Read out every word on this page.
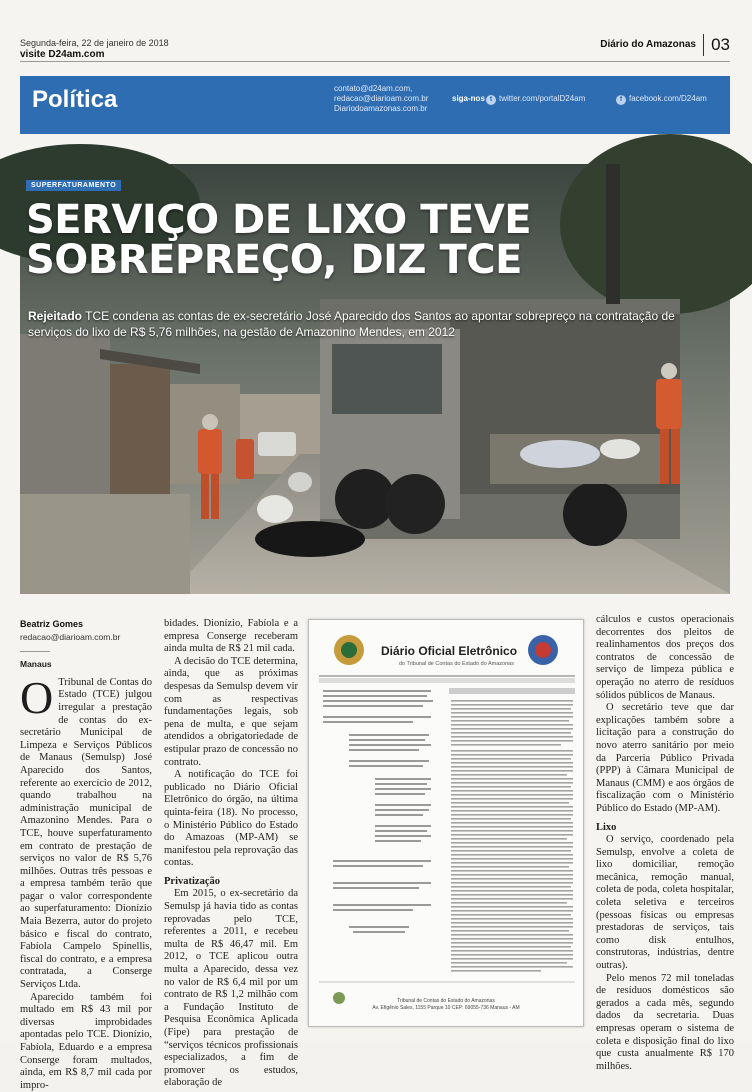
Segunda-feira, 22 de janeiro de 2018
visite D24am.com
Diário do Amazonas 03
Política	contato@d24am.com,
redacao@diarioam.com.br
Diariodoamazonas.com.br
siga-nos t twitter.com/portalD24am	f facebook.com/D24am
SUPERFATURAMENTO
SERVIÇO DE LIXO TEVE
SOBREPREÇO, DIZ TCE
Rejeitado TCE condena as contas de ex-secretário José Aparecido dos Santos ao apontar sobrepreço na contratação de serviços do lixo de R$ 5,76 milhões, na gestão de Amazonino Mendes, em 2012
Beatriz Gomes
redacao@diarioam.com.br
Manaus

O Tribunal de Contas do Estado (TCE) julgou irregular a prestação de contas do ex-secretário Municipal de Limpeza e Serviços Públicos de Manaus (Semulsp) José Aparecido dos Santos, referente ao exercício de 2012, quando trabalhou na administração municipal de Amazonino Mendes. Para o TCE, houve superfaturamento em contrato de prestação de serviços no valor de R$ 5,76 milhões. Outras três pessoas e a empresa também terão que pagar o valor correspondente ao superfaturamento: Dionízio Maia Bezerra, autor do projeto básico e fiscal do contrato, Fabíola Campelo Spinellis, fiscal do contrato, e a empresa contratada, a Conserge Serviços Ltda.

Aparecido também foi multado em R$ 43 mil por diversas improbidades apontadas pelo TCE. Dionízio, Fabíola, Eduardo e a empresa Conserge foram multados, ainda, em R$ 8,7 mil cada por impro-

bidades. Dionízio, Fabíola e a empresa Conserge receberam ainda multa de R$ 21 mil cada.

A decisão do TCE determina, ainda, que as próximas despesas da Semulsp devem vir com as respectivas fundamentações legais, sob pena de multa, e que sejam atendidos a obrigatoriedade de estipular prazo de concessão no contrato.

A notificação do TCE foi publicado no Diário Oficial Eletrônico do órgão, na última quinta-feira (18). No processo, o Ministério Público do Estado do Amazoas (MP-AM) se manifestou pela reprovação das contas.

Privatização

Em 2015, o ex-secretário da Semulsp já havia tido as contas reprovadas pelo TCE, referentes a 2011, e recebeu multa de R$ 46,47 mil. Em 2012, o TCE aplicou outra multa a Aparecido, dessa vez no valor de R$ 6,4 mil por um contrato de R$ 1,2 milhão com a Fundação Instituto de Pesquisa Econômica Aplicada (Fipe) para prestação de “serviços técnicos profissionais especializados, a fim de promover os estudos, elaboração de

Diário Oficial Eletrônico
do Tribunal de Contas do Estado do Amazonas
Tribunal de Contas do Estado do Amazonas
Av. Efigênio Sales, 1155 Parque 10 CEP: 69055-736 Manaus - AM

cálculos e custos operacionais decorrentes dos pleitos de realinhamentos dos preços dos contratos de concessão de serviço de limpeza pública e operação no aterro de resíduos sólidos públicos de Manaus.

O secretário teve que dar explicações também sobre a licitação para a construção do novo aterro sanitário por meio da Parceria Público Privada (PPP) à Câmara Municipal de Manaus (CMM) e aos órgãos de fiscalização com o Ministério Público do Estado (MP-AM).

Lixo

O serviço, coordenado pela Semulsp, envolve a coleta de lixo domiciliar, remoção mecânica, remoção manual, coleta de poda, coleta hospitalar, coleta seletiva e terceiros (pessoas físicas ou empresas prestadoras de serviços, tais como disk entulhos, construtoras, indústrias, dentre outras).

Pelo menos 72 mil toneladas de resíduos domésticos são gerados a cada mês, segundo dados da secretaria. Duas empresas operam o sistema de coleta e disposição final do lixo que custa anualmente R$ 170 milhões.
